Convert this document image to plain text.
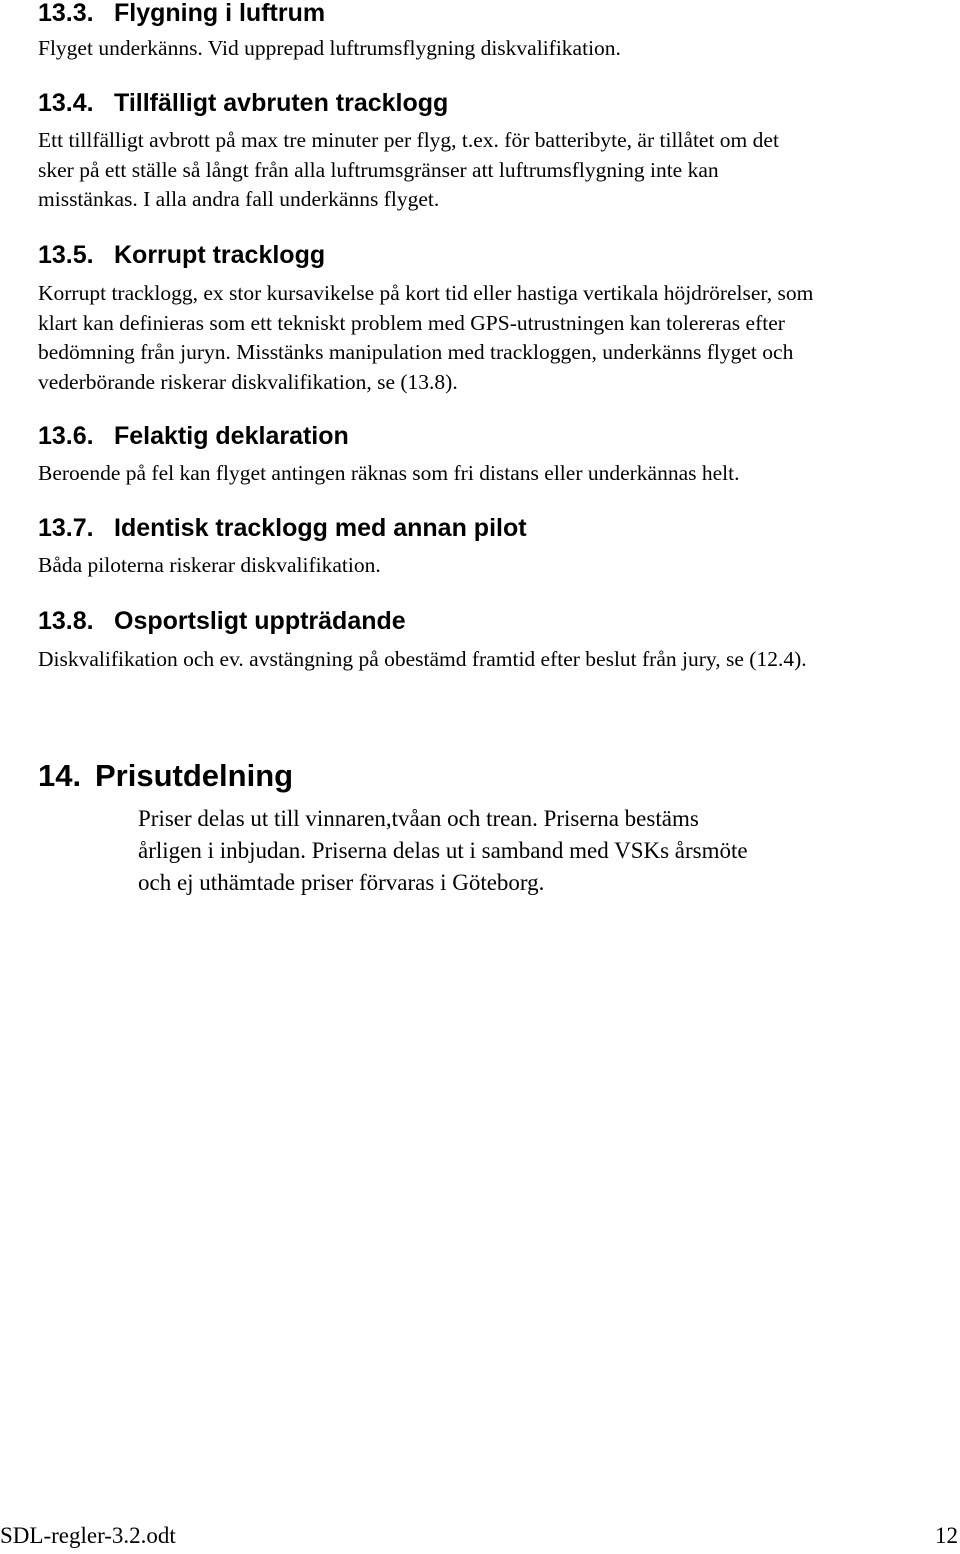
13.3. Flygning i luftrum

Flyget underkänns. Vid upprepad luftrumsflygning diskvalifikation.

13.4. Tillfälligt avbruten tracklogg

Ett tillfälligt avbrott på max tre minuter per flyg, t.ex. för batteribyte, är tillåtet om det
sker på ett ställe så långt från alla luftrumsgränser att luftrumsflygning inte kan
misstänkas. I alla andra fall underkänns flyget.

13.5. Korrupt tracklogg

Korrupt tracklogg, ex stor kursavikelse på kort tid eller hastiga vertikala höjdrörelser, som
klart kan definieras som ett tekniskt problem med GPS-utrustningen kan tolereras efter
bedömning från juryn. Misstänks manipulation med trackloggen, underkänns flyget och
vederbörande riskerar diskvalifikation, se (13.8).

13.6. Felaktig deklaration

Beroende på fel kan flyget antingen räknas som fri distans eller underkännas helt.

13.7. Identisk tracklogg med annan pilot

Båda piloterna riskerar diskvalifikation.

13.8. Osportsligt uppträdande

Diskvalifikation och ev. avstängning på obestämd framtid efter beslut från jury, se (12.4).

14. Prisutdelning

Priser delas ut till vinnaren,tvåan och trean. Priserna bestäms
årligen i inbjudan. Priserna delas ut i samband med VSKs årsmöte
och ej uthämtade priser förvaras i Göteborg.

SDL-regler-3.2.odt	12
